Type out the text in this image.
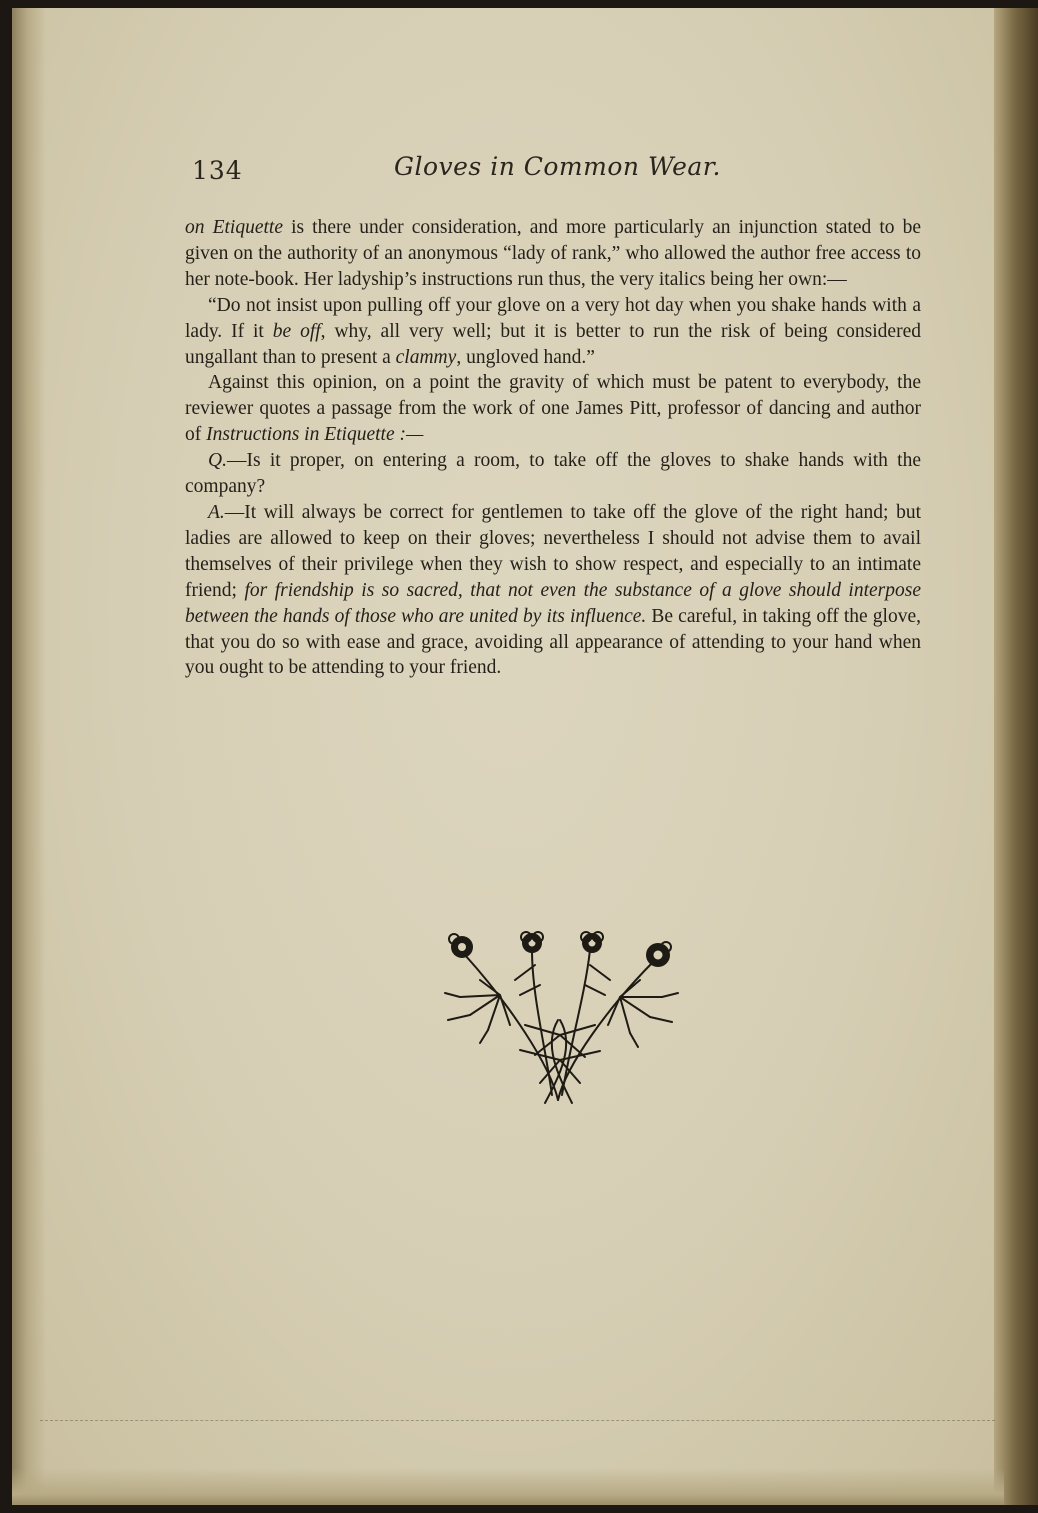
134	Gloves in Common Wear.

on Etiquette is there under consideration, and more particularly an injunction stated to be given on the authority of an anonymous “lady of rank,” who allowed the author free access to her note-book. Her ladyship’s instructions run thus, the very italics being her own:—

“Do not insist upon pulling off your glove on a very hot day when you shake hands with a lady. If it be off, why, all very well; but it is better to run the risk of being considered ungallant than to present a clammy, ungloved hand.”

Against this opinion, on a point the gravity of which must be patent to everybody, the reviewer quotes a passage from the work of one James Pitt, professor of dancing and author of Instructions in Etiquette :—

Q.—Is it proper, on entering a room, to take off the gloves to shake hands with the company?

A.—It will always be correct for gentlemen to take off the glove of the right hand; but ladies are allowed to keep on their gloves; nevertheless I should not advise them to avail themselves of their privilege when they wish to show respect, and especially to an intimate friend; for friendship is so sacred, that not even the substance of a glove should interpose between the hands of those who are united by its influence. Be careful, in taking off the glove, that you do so with ease and grace, avoiding all appearance of attending to your hand when you ought to be attending to your friend.
